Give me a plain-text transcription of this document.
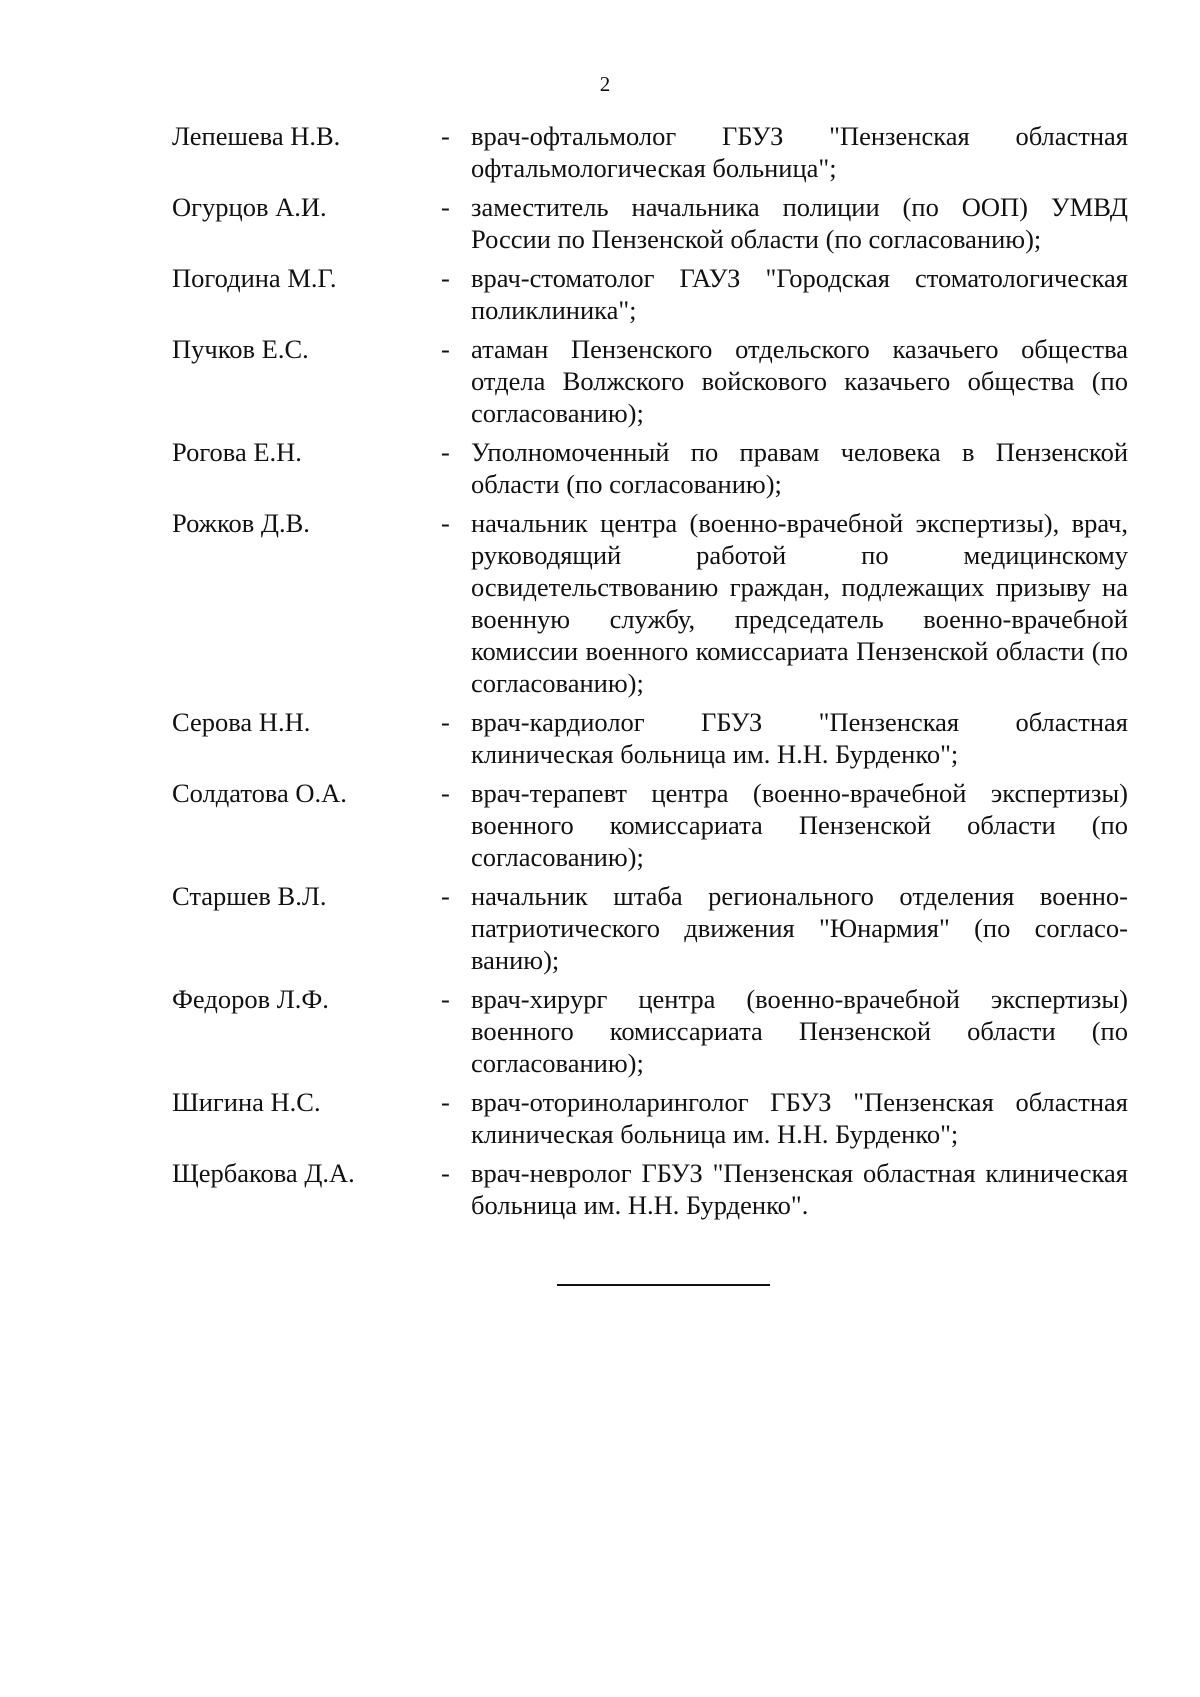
2
Лепешева Н.В.	- врач-офтальмолог ГБУЗ "Пензенская областная офтальмологическая больница";
Огурцов А.И.	- заместитель начальника полиции (по ООП) УМВД России по Пензенской области (по согласованию);
Погодина М.Г.	- врач-стоматолог ГАУЗ "Городская стоматологическая поликлиника";
Пучков Е.С.	- атаман Пензенского отдельского казачьего общества отдела Волжского войскового казачьего общества (по согласованию);
Рогова Е.Н.	- Уполномоченный по правам человека в Пензенской области (по согласованию);
Рожков Д.В.	- начальник центра (военно-врачебной экспертизы), врач, руководящий работой по медицинскому освидетельствованию граждан, подлежащих призыву на военную службу, председатель военно-врачебной комиссии военного комиссариата Пензенской области (по согласованию);
Серова Н.Н.	- врач-кардиолог ГБУЗ "Пензенская областная клиническая больница им. Н.Н. Бурденко";
Солдатова О.А.	- врач-терапевт центра (военно-врачебной экспертизы) военного комиссариата Пензенской области (по согласованию);
Старшев В.Л.	- начальник штаба регионального отделения военно-патриотического движения "Юнармия" (по согласованию);
Федоров Л.Ф.	- врач-хирург центра (военно-врачебной экспертизы) военного комиссариата Пензенской области (по согласованию);
Шигина Н.С.	- врач-оториноларинголог ГБУЗ "Пензенская областная клиническая больница им. Н.Н. Бурденко";
Щербакова Д.А.	- врач-невролог ГБУЗ "Пензенская областная клиническая больница им. Н.Н. Бурденко".
